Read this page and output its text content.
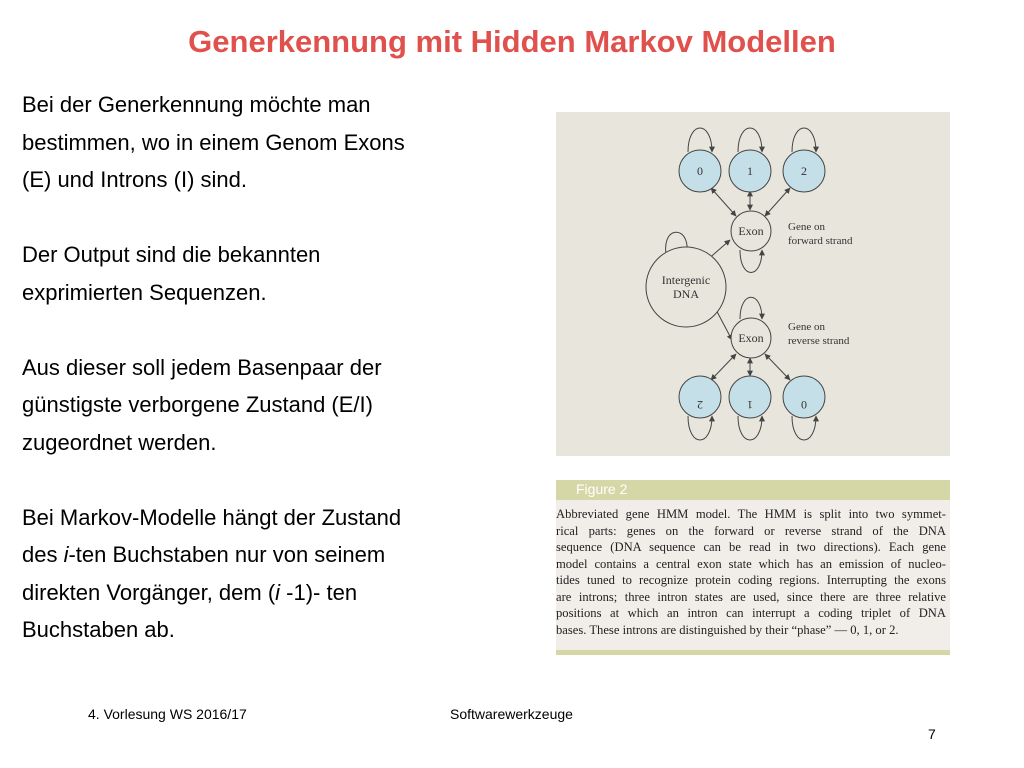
Generkennung mit Hidden Markov Modellen

Bei der Generkennung möchte man
bestimmen, wo in einem Genom Exons
(E) und Introns (I) sind.

Der Output sind die bekannten
exprimierten Sequenzen.

Aus dieser soll jedem Basenpaar der
günstigste verborgene Zustand (E/I)
zugeordnet werden.

Bei Markov-Modelle hängt der Zustand
des i-ten Buchstaben nur von seinem
direkten Vorgänger, dem (i -1)- ten
Buchstaben ab.

0	1	2
Exon Gene on
forward strand
Intergenic
DNA
Exon
Gene on
reverse strand
2	1	0
Figure 2
Abbreviated gene HMM model. The HMM is split into two symmet-
rical parts: genes on the forward or reverse strand of the DNA
sequence (DNA sequence can be read in two directions). Each gene
model contains a central exon state which has an emission of nucleo-
tides tuned to recognize protein coding regions. Interrupting the exons
are introns; three intron states are used, since there are three relative
positions at which an intron can interrupt a coding triplet of DNA
bases. These introns are distinguished by their “phase” — 0, 1, or 2.
4. Vorlesung WS 2016/17	Softwarewerkzeuge
7
